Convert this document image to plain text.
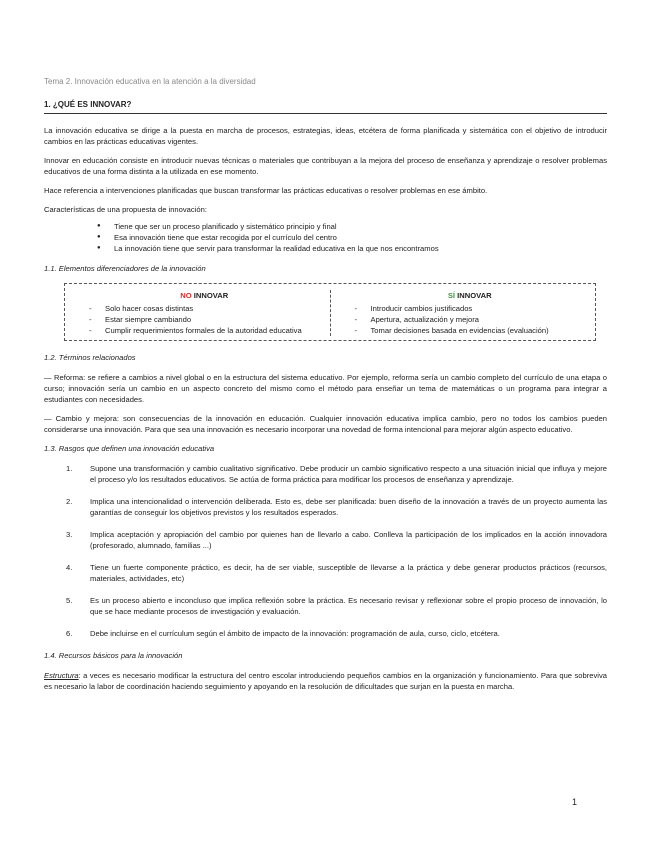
Tema 2. Innovación educativa en la atención a la diversidad
1. ¿QUÉ ES INNOVAR?

La innovación educativa se dirige a la puesta en marcha de procesos, estrategias, ideas, etcétera de forma planificada y sistemática con el objetivo de introducir cambios en las prácticas educativas vigentes.

Innovar en educación consiste en introducir nuevas técnicas o materiales que contribuyan a la mejora del proceso de enseñanza y aprendizaje o resolver problemas educativos de una forma distinta a la utilizada en ese momento.

Hace referencia a intervenciones planificadas que buscan transformar las prácticas educativas o resolver problemas en ese ámbito.

Características de una propuesta de innovación:

● Tiene que ser un proceso planificado y sistemático principio y final
● Esa innovación tiene que estar recogida por el currículo del centro
● La innovación tiene que servir para transformar la realidad educativa en la que nos encontramos
1.1. Elementos diferenciadores de la innovación
NO INNOVAR
- Solo hacer cosas distintas
- Estar siempre cambiando
- Cumplir requerimientos formales de la autoridad educativa
SÍ INNOVAR
- Introducir cambios justificados
- Apertura, actualización y mejora
- Tomar decisiones basada en evidencias (evaluación)
1.2. Términos relacionados

— Reforma: se refiere a cambios a nivel global o en la estructura del sistema educativo. Por ejemplo, reforma sería un cambio completo del currículo de una etapa o curso; innovación sería un cambio en un aspecto concreto del mismo como el método para enseñar un tema de matemáticas o un programa para integrar a estudiantes con necesidades.

— Cambio y mejora: son consecuencias de la innovación en educación. Cualquier innovación educativa implica cambio, pero no todos los cambios pueden considerarse una innovación. Para que sea una innovación es necesario incorporar una novedad de forma intencional para mejorar algún aspecto educativo.

1.3. Rasgos que definen una innovación educativa
1.	Supone una transformación y cambio cualitativo significativo. Debe producir un cambio significativo respecto a una situación inicial que influya y mejore el proceso y/o los resultados educativos. Se actúa de forma práctica para modificar los procesos de enseñanza y aprendizaje.
2.	Implica una intencionalidad o intervención deliberada. Esto es, debe ser planificada: buen diseño de la innovación a través de un proyecto aumenta las garantías de conseguir los objetivos previstos y los resultados esperados.
3.	Implica aceptación y apropiación del cambio por quienes han de llevarlo a cabo. Conlleva la participación de los implicados en la acción innovadora (profesorado, alumnado, familias ...)
4.	Tiene un fuerte componente práctico, es decir, ha de ser viable, susceptible de llevarse a la práctica y debe generar productos prácticos (recursos, materiales, actividades, etc)
5.	Es un proceso abierto e inconcluso que implica reflexión sobre la práctica. Es necesario revisar y reflexionar sobre el propio proceso de innovación, lo que se hace mediante procesos de investigación y evaluación.
6.	Debe incluirse en el currículum según el ámbito de impacto de la innovación: programación de aula, curso, ciclo, etcétera.
1.4. Recursos básicos para la innovación

Estructura: a veces es necesario modificar la estructura del centro escolar introduciendo pequeños cambios en la organización y funcionamiento. Para que sobreviva es necesario la labor de coordinación haciendo seguimiento y apoyando en la resolución de dificultades que surjan en la puesta en marcha.

1
